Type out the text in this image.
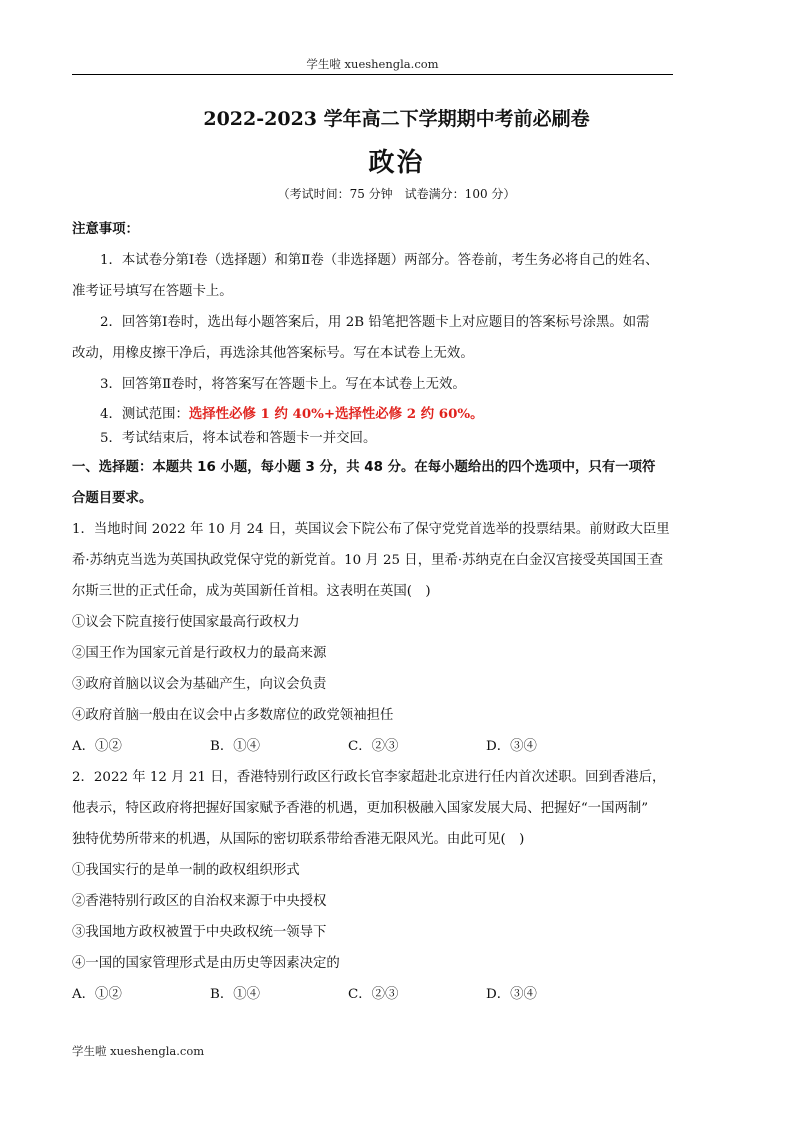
学生啦 xueshengla.com
2022-2023 学年高二下学期期中考前必刷卷
政治
（考试时间：75 分钟　试卷满分：100 分）
注意事项：
1．本试卷分第Ⅰ卷（选择题）和第Ⅱ卷（非选择题）两部分。答卷前，考生务必将自己的姓名、
准考证号填写在答题卡上。
2．回答第Ⅰ卷时，选出每小题答案后，用 2B 铅笔把答题卡上对应题目的答案标号涂黑。如需
改动，用橡皮擦干净后，再选涂其他答案标号。写在本试卷上无效。
3．回答第Ⅱ卷时，将答案写在答题卡上。写在本试卷上无效。
4．测试范围：选择性必修 1 约 40%+选择性必修 2 约 60%。
5．考试结束后，将本试卷和答题卡一并交回。
一、选择题：本题共 16 小题，每小题 3 分，共 48 分。在每小题给出的四个选项中，只有一项符
合题目要求。
1．当地时间 2022 年 10 月 24 日，英国议会下院公布了保守党党首选举的投票结果。前财政大臣里
希·苏纳克当选为英国执政党保守党的新党首。10 月 25 日，里希·苏纳克在白金汉宫接受英国国王查
尔斯三世的正式任命，成为英国新任首相。这表明在英国(　)
①议会下院直接行使国家最高行政权力
②国王作为国家元首是行政权力的最高来源
③政府首脑以议会为基础产生，向议会负责
④政府首脑一般由在议会中占多数席位的政党领袖担任
A．①②	B．①④	C．②③	D．③④
2．2022 年 12 月 21 日，香港特别行政区行政长官李家超赴北京进行任内首次述职。回到香港后，
他表示，特区政府将把握好国家赋予香港的机遇，更加积极融入国家发展大局、把握好“一国两制”
独特优势所带来的机遇，从国际的密切联系带给香港无限风光。由此可见(　)
①我国实行的是单一制的政权组织形式
②香港特别行政区的自治权来源于中央授权
③我国地方政权被置于中央政权统一领导下
④一国的国家管理形式是由历史等因素决定的
A．①②	B．①④	C．②③	D．③④
学生啦 xueshengla.com
